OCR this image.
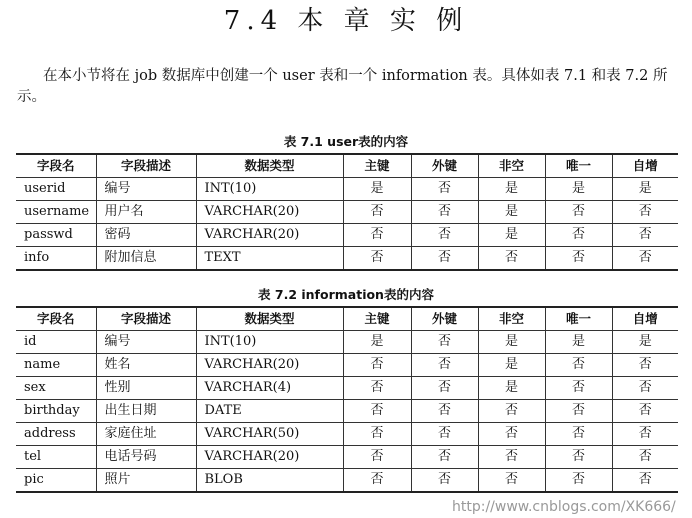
7.4 本 章 实 例
在本小节将在 job 数据库中创建一个 user 表和一个 information 表。具体如表 7.1 和表 7.2 所示。
表 7.1 user表的内容
字段名	字段描述	数据类型	主键	外键	非空	唯一	自增
userid	编号	INT(10)	是	否	是	是	是
username	用户名	VARCHAR(20)	否	否	是	否	否
passwd	密码	VARCHAR(20)	否	否	是	否	否
info	附加信息	TEXT	否	否	否	否	否
表 7.2 information表的内容
字段名	字段描述	数据类型	主键	外键	非空	唯一	自增
id	编号	INT(10)	是	否	是	是	是
name	姓名	VARCHAR(20)	否	否	是	否	否
sex	性别	VARCHAR(4)	否	否	是	否	否
birthday	出生日期	DATE	否	否	否	否	否
address	家庭住址	VARCHAR(50)	否	否	否	否	否
tel	电话号码	VARCHAR(20)	否	否	否	否	否
pic	照片	BLOB	否	否	否	否	否
http://www.cnblogs.com/XK666/
